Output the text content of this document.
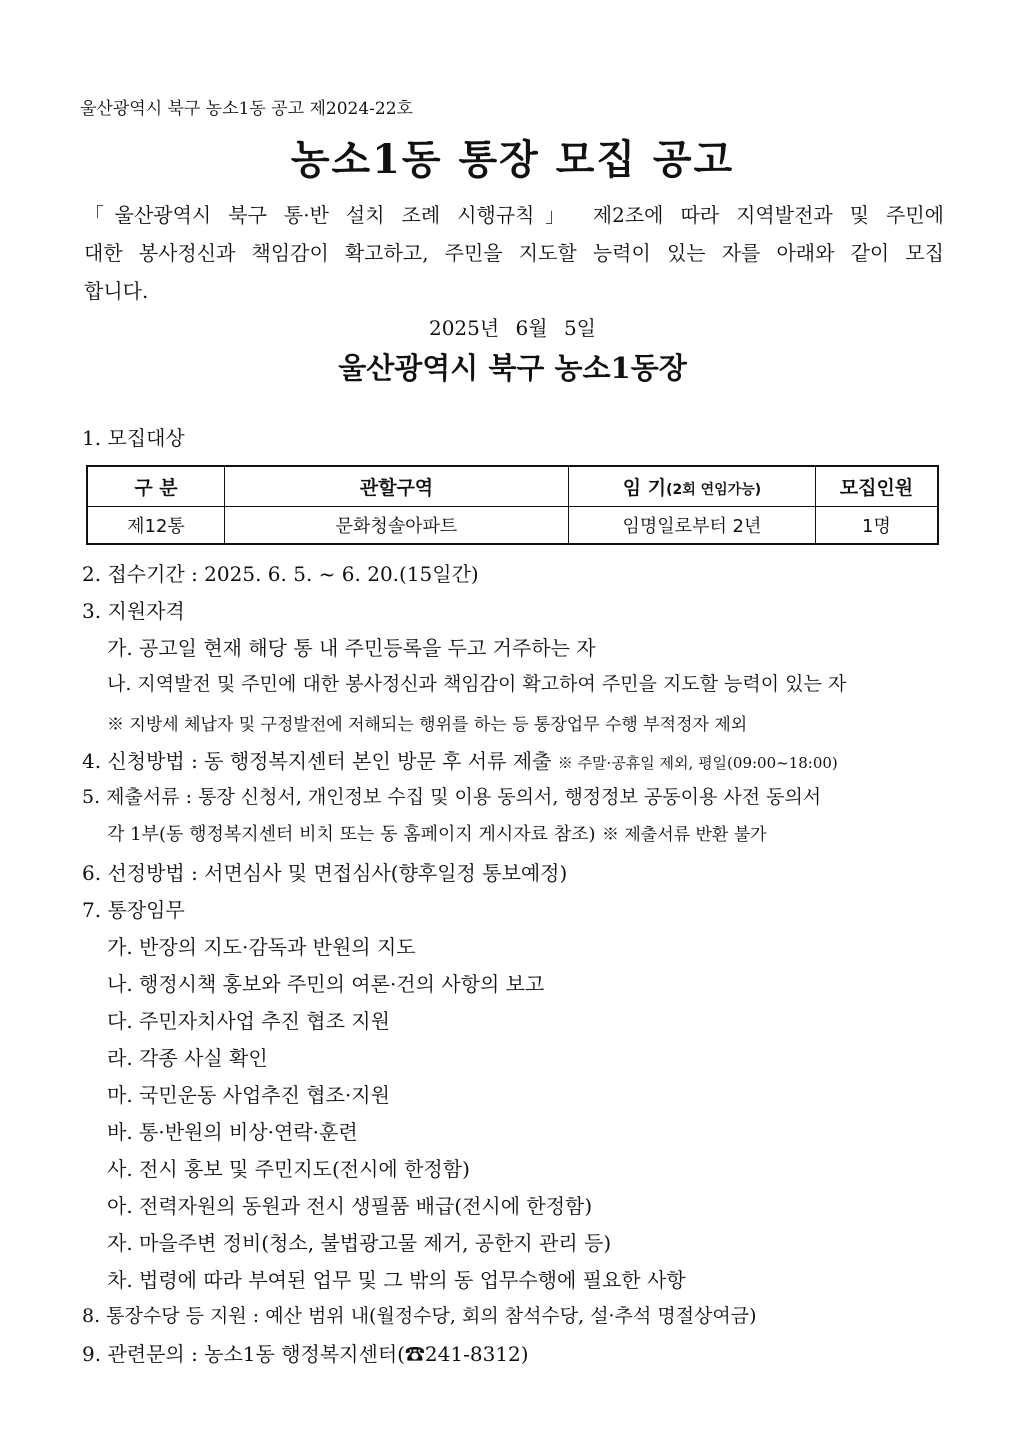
울산광역시 북구 농소1동 공고 제2024-22호
농소1동 통장 모집 공고
「울산광역시 북구 통·반 설치 조례 시행규칙」 제2조에 따라 지역발전과 및 주민에
대한 봉사정신과 책임감이 확고하고, 주민을 지도할 능력이 있는 자를 아래와 같이 모집
합니다.
2025년 6월 5일
울산광역시 북구 농소1동장
1. 모집대상
구 분	관할구역	임 기(2회 연임가능)	모집인원
제12통	문화청솔아파트	임명일로부터 2년	1명
2. 접수기간 : 2025. 6. 5. ~ 6. 20.(15일간)
3. 지원자격
가. 공고일 현재 해당 통 내 주민등록을 두고 거주하는 자
나. 지역발전 및 주민에 대한 봉사정신과 책임감이 확고하여 주민을 지도할 능력이 있는 자
※ 지방세 체납자 및 구정발전에 저해되는 행위를 하는 등 통장업무 수행 부적정자 제외
4. 신청방법 : 동 행정복지센터 본인 방문 후 서류 제출 ※ 주말·공휴일 제외, 평일(09:00~18:00)
5. 제출서류 : 통장 신청서, 개인정보 수집 및 이용 동의서, 행정정보 공동이용 사전 동의서
각 1부(동 행정복지센터 비치 또는 동 홈페이지 게시자료 참조) ※ 제출서류 반환 불가
6. 선정방법 : 서면심사 및 면접심사(향후일정 통보예정)
7. 통장임무
가. 반장의 지도·감독과 반원의 지도
나. 행정시책 홍보와 주민의 여론·건의 사항의 보고
다. 주민자치사업 추진 협조 지원
라. 각종 사실 확인
마. 국민운동 사업추진 협조·지원
바. 통·반원의 비상·연락·훈련
사. 전시 홍보 및 주민지도(전시에 한정함)
아. 전력자원의 동원과 전시 생필품 배급(전시에 한정함)
자. 마을주변 정비(청소, 불법광고물 제거, 공한지 관리 등)
차. 법령에 따라 부여된 업무 및 그 밖의 동 업무수행에 필요한 사항
8. 통장수당 등 지원 : 예산 범위 내(월정수당, 회의 참석수당, 설·추석 명절상여금)
9. 관련문의 : 농소1동 행정복지센터(☎241-8312)
